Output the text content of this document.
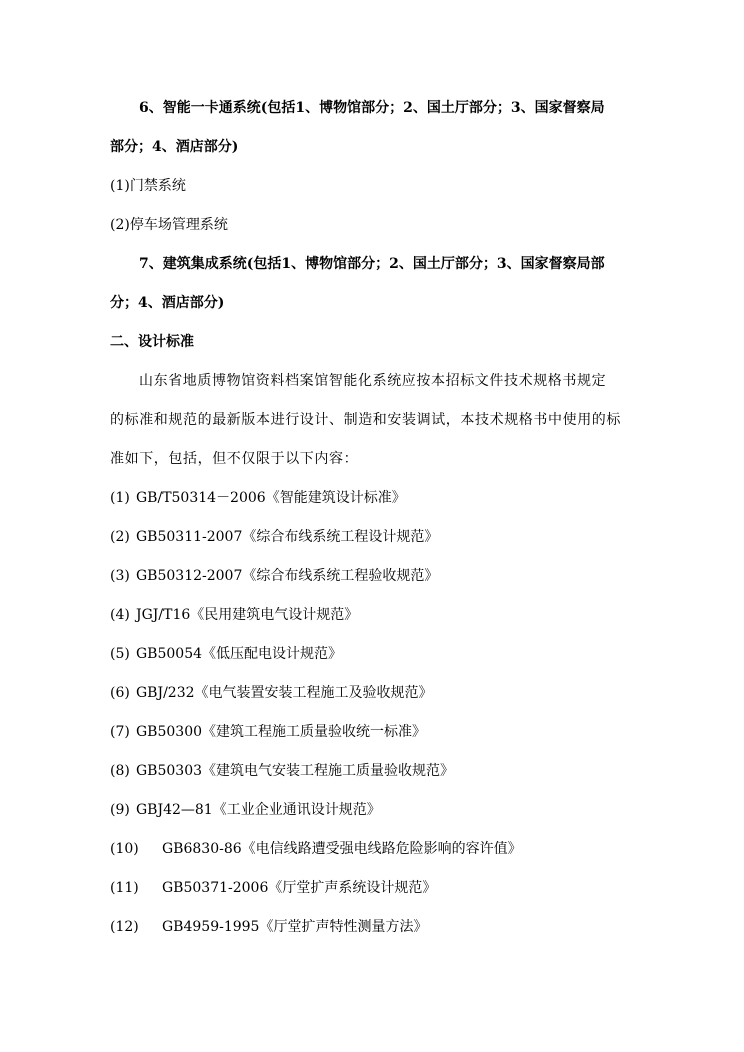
6、智能一卡通系统(包括1、博物馆部分；2、国土厅部分；3、国家督察局
部分；4、酒店部分)
(1)门禁系统
(2)停车场管理系统
7、建筑集成系统(包括1、博物馆部分；2、国土厅部分；3、国家督察局部
分；4、酒店部分)
二、设计标准
山东省地质博物馆资料档案馆智能化系统应按本招标文件技术规格书规定
的标准和规范的最新版本进行设计、制造和安装调试，本技术规格书中使用的标
准如下，包括，但不仅限于以下内容：
(1) GB/T50314－2006《智能建筑设计标准》
(2) GB50311-2007《综合布线系统工程设计规范》
(3) GB50312-2007《综合布线系统工程验收规范》
(4) JGJ/T16《民用建筑电气设计规范》
(5) GB50054《低压配电设计规范》
(6) GBJ/232《电气装置安装工程施工及验收规范》
(7) GB50300《建筑工程施工质量验收统一标准》
(8) GB50303《建筑电气安装工程施工质量验收规范》
(9) GBJ42—81《工业企业通讯设计规范》
(10) GB6830-86《电信线路遭受强电线路危险影响的容许值》
(11) GB50371-2006《厅堂扩声系统设计规范》
(12) GB4959-1995《厅堂扩声特性测量方法》
